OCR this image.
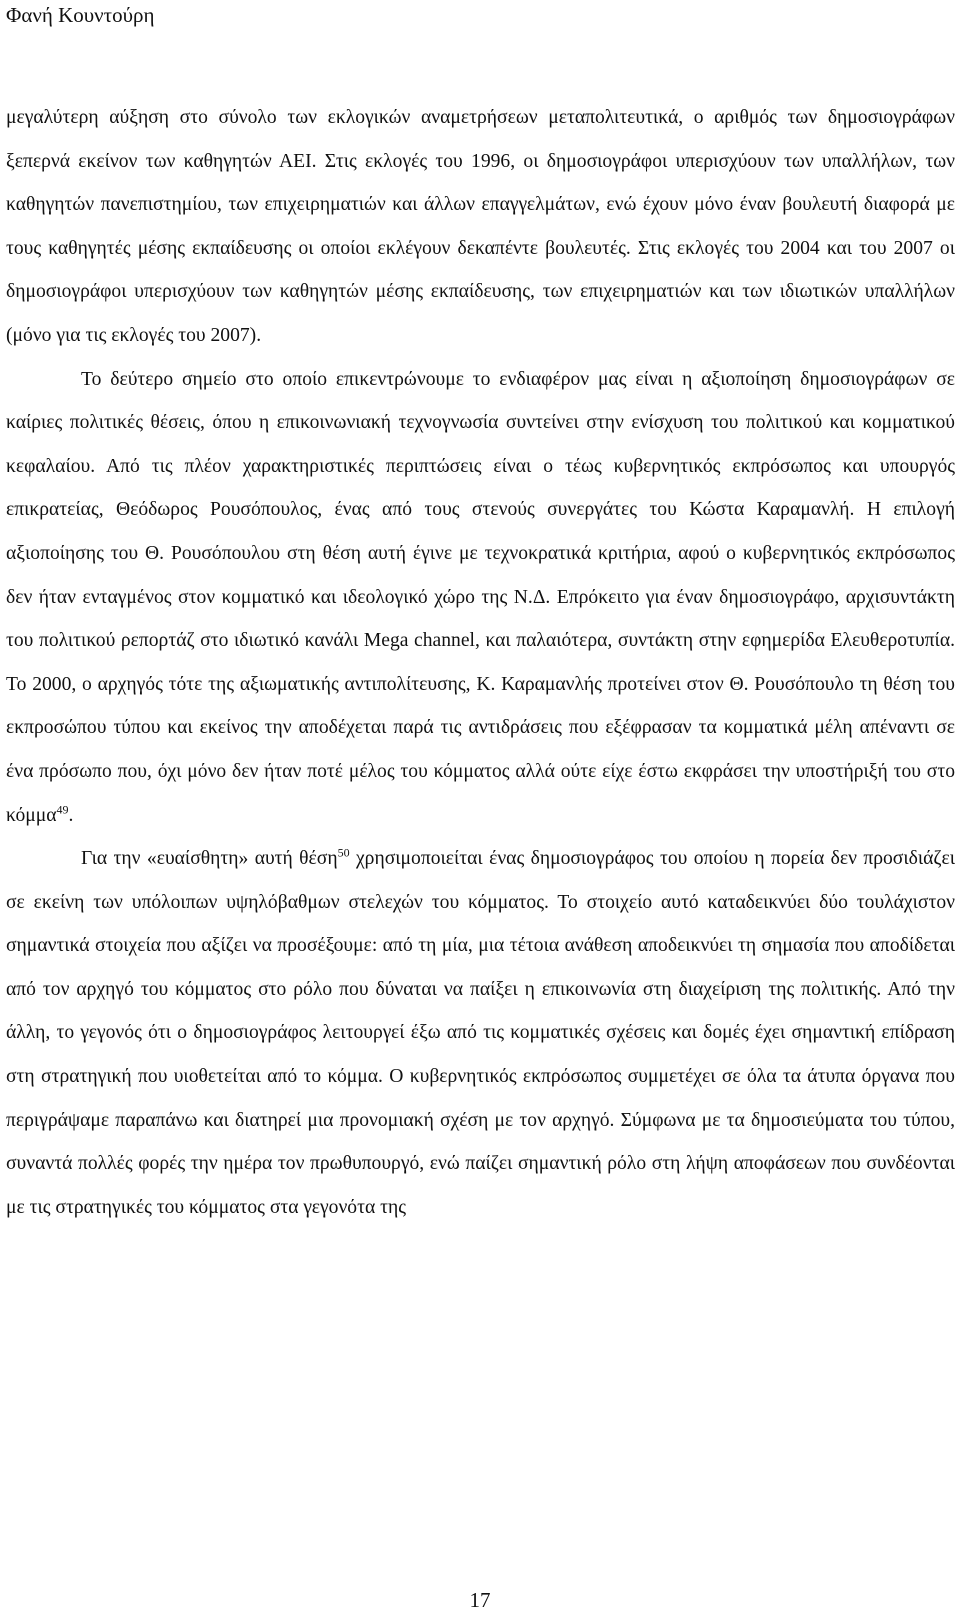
Φανή Κουντούρη

μεγαλύτερη αύξηση στο σύνολο των εκλογικών αναμετρήσεων μεταπολιτευτικά, ο αριθμός των δημοσιογράφων ξεπερνά εκείνον των καθηγητών ΑΕΙ. Στις εκλογές του 1996, οι δημοσιογράφοι υπερισχύουν των υπαλλήλων, των καθηγητών πανεπιστημίου, των επιχειρηματιών και άλλων επαγγελμάτων, ενώ έχουν μόνο έναν βουλευτή διαφορά με τους καθηγητές μέσης εκπαίδευσης οι οποίοι εκλέγουν δεκαπέντε βουλευτές. Στις εκλογές του 2004 και του 2007 οι δημοσιογράφοι υπερισχύουν των καθηγητών μέσης εκπαίδευσης, των επιχειρηματιών και των ιδιωτικών υπαλλήλων (μόνο για τις εκλογές του 2007).

Το δεύτερο σημείο στο οποίο επικεντρώνουμε το ενδιαφέρον μας είναι η αξιοποίηση δημοσιογράφων σε καίριες πολιτικές θέσεις, όπου η επικοινωνιακή τεχνογνωσία συντείνει στην ενίσχυση του πολιτικού και κομματικού κεφαλαίου. Από τις πλέον χαρακτηριστικές περιπτώσεις είναι ο τέως κυβερνητικός εκπρόσωπος και υπουργός επικρατείας, Θεόδωρος Ρουσόπουλος, ένας από τους στενούς συνεργάτες του Κώστα Καραμανλή. Η επιλογή αξιοποίησης του Θ. Ρουσόπουλου στη θέση αυτή έγινε με τεχνοκρατικά κριτήρια, αφού ο κυβερνητικός εκπρόσωπος δεν ήταν ενταγμένος στον κομματικό και ιδεολογικό χώρο της Ν.Δ. Επρόκειτο για έναν δημοσιογράφο, αρχισυντάκτη του πολιτικού ρεπορτάζ στο ιδιωτικό κανάλι Mega channel, και παλαιότερα, συντάκτη στην εφημερίδα Ελευθεροτυπία. Το 2000, ο αρχηγός τότε της αξιωματικής αντιπολίτευσης, Κ. Καραμανλής προτείνει στον Θ. Ρουσόπουλο τη θέση του εκπροσώπου τύπου και εκείνος την αποδέχεται παρά τις αντιδράσεις που εξέφρασαν τα κομματικά μέλη απέναντι σε ένα πρόσωπο που, όχι μόνο δεν ήταν ποτέ μέλος του κόμματος αλλά ούτε είχε έστω εκφράσει την υποστήριξή του στο κόμμα$^{49}$.

Για την «ευαίσθητη» αυτή θέση$^{50}$ χρησιμοποιείται ένας δημοσιογράφος του οποίου η πορεία δεν προσιδιάζει σε εκείνη των υπόλοιπων υψηλόβαθμων στελεχών του κόμματος. Το στοιχείο αυτό καταδεικνύει δύο τουλάχιστον σημαντικά στοιχεία που αξίζει να προσέξουμε: από τη μία, μια τέτοια ανάθεση αποδεικνύει τη σημασία που αποδίδεται από τον αρχηγό του κόμματος στο ρόλο που δύναται να παίξει η επικοινωνία στη διαχείριση της πολιτικής. Από την άλλη, το γεγονός ότι ο δημοσιογράφος λειτουργεί έξω από τις κομματικές σχέσεις και δομές έχει σημαντική επίδραση στη στρατηγική που υιοθετείται από το κόμμα. Ο κυβερνητικός εκπρόσωπος συμμετέχει σε όλα τα άτυπα όργανα που περιγράψαμε παραπάνω και διατηρεί μια προνομιακή σχέση με τον αρχηγό. Σύμφωνα με τα δημοσιεύματα του τύπου, συναντά πολλές φορές την ημέρα τον πρωθυπουργό, ενώ παίζει σημαντική ρόλο στη λήψη αποφάσεων που συνδέονται με τις στρατηγικές του κόμματος στα γεγονότα της

17
